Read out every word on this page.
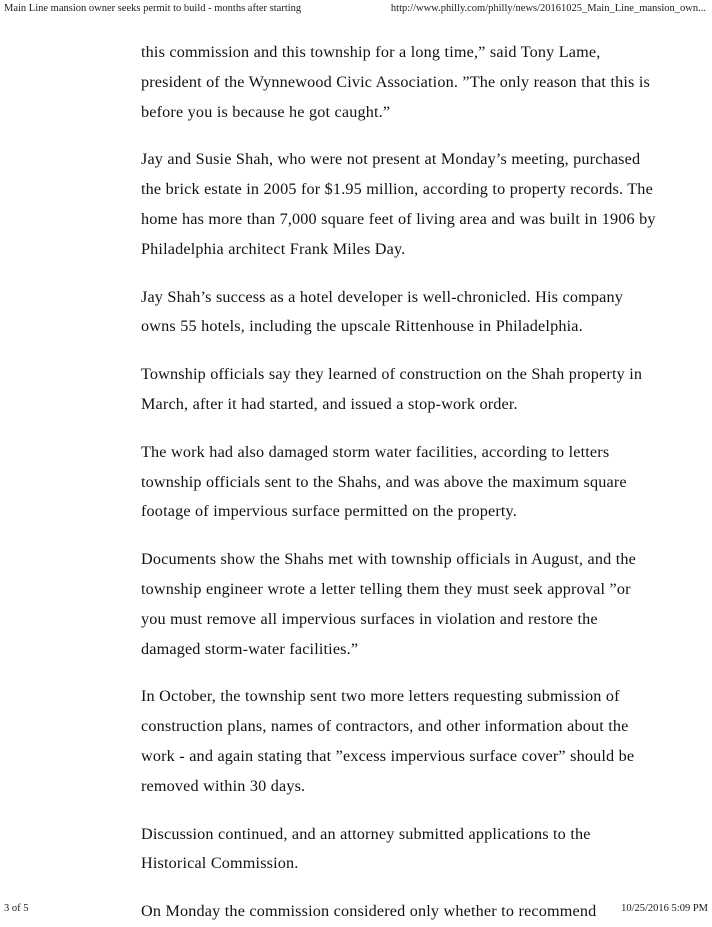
Main Line mansion owner seeks permit to build - months after starting	http://www.philly.com/philly/news/20161025_Main_Line_mansion_own...

this commission and this township for a long time,” said Tony Lame, president of the Wynnewood Civic Association. ”The only reason that this is before you is because he got caught.”

Jay and Susie Shah, who were not present at Monday’s meeting, purchased the brick estate in 2005 for $1.95 million, according to property records. The home has more than 7,000 square feet of living area and was built in 1906 by Philadelphia architect Frank Miles Day.

Jay Shah’s success as a hotel developer is well-chronicled. His company owns 55 hotels, including the upscale Rittenhouse in Philadelphia.

Township officials say they learned of construction on the Shah property in March, after it had started, and issued a stop-work order.

The work had also damaged storm water facilities, according to letters township officials sent to the Shahs, and was above the maximum square footage of impervious surface permitted on the property.

Documents show the Shahs met with township officials in August, and the township engineer wrote a letter telling them they must seek approval ”or you must remove all impervious surfaces in violation and restore the damaged storm-water facilities.”

In October, the township sent two more letters requesting submission of construction plans, names of contractors, and other information about the work - and again stating that ”excess impervious surface cover” should be removed within 30 days.

Discussion continued, and an attorney submitted applications to the Historical Commission.

On Monday the commission considered only whether to recommend

3 of 5	10/25/2016 5:09 PM
